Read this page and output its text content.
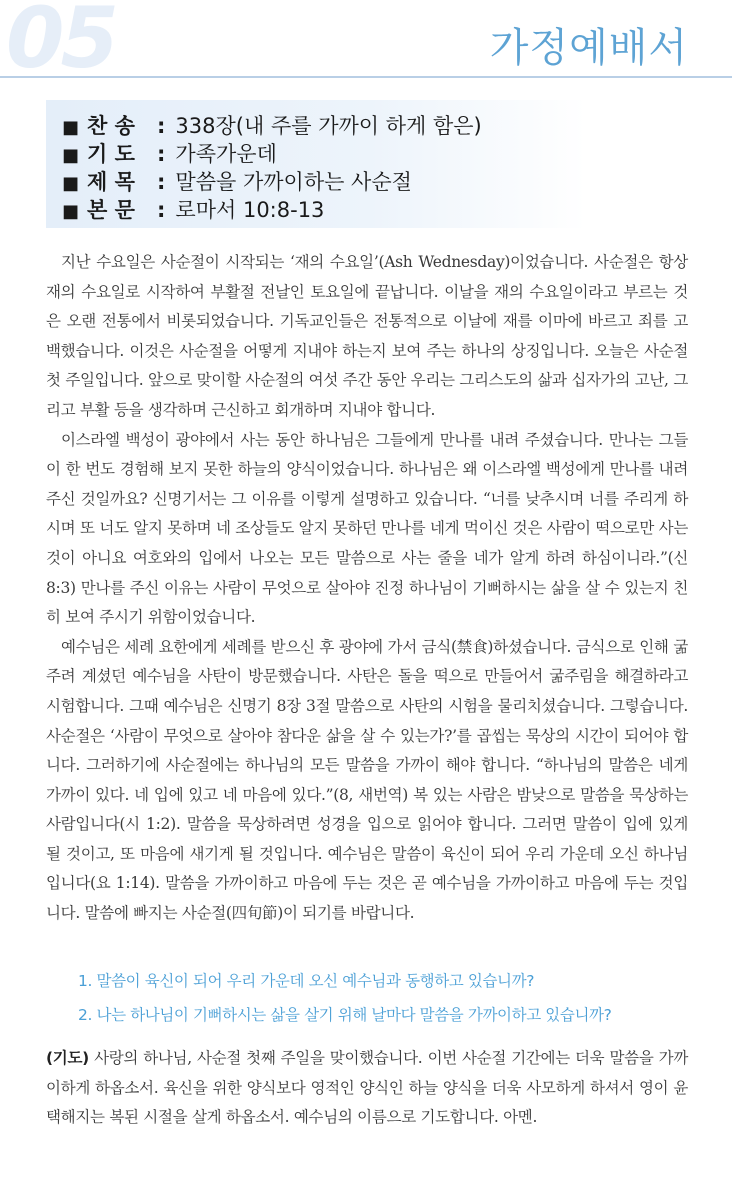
05	가정예배서
■ 찬 송 : 338장(내 주를 가까이 하게 함은)
■ 기 도 : 가족가운데
■ 제 목 : 말씀을 가까이하는 사순절
■ 본 문 : 로마서 10:8-13

지난 수요일은 사순절이 시작되는 ‘재의 수요일’(Ash Wednesday)이었습니다. 사순절은 항상 재의 수요일로 시작하여 부활절 전날인 토요일에 끝납니다. 이날을 재의 수요일이라고 부르는 것은 오랜 전통에서 비롯되었습니다. 기독교인들은 전통적으로 이날에 재를 이마에 바르고 죄를 고백했습니다. 이것은 사순절을 어떻게 지내야 하는지 보여 주는 하나의 상징입니다. 오늘은 사순절 첫 주일입니다. 앞으로 맞이할 사순절의 여섯 주간 동안 우리는 그리스도의 삶과 십자가의 고난, 그리고 부활 등을 생각하며 근신하고 회개하며 지내야 합니다.

이스라엘 백성이 광야에서 사는 동안 하나님은 그들에게 만나를 내려 주셨습니다. 만나는 그들이 한 번도 경험해 보지 못한 하늘의 양식이었습니다. 하나님은 왜 이스라엘 백성에게 만나를 내려 주신 것일까요? 신명기서는 그 이유를 이렇게 설명하고 있습니다. “너를 낮추시며 너를 주리게 하시며 또 너도 알지 못하며 네 조상들도 알지 못하던 만나를 네게 먹이신 것은 사람이 떡으로만 사는 것이 아니요 여호와의 입에서 나오는 모든 말씀으로 사는 줄을 네가 알게 하려 하심이니라.”(신 8:3) 만나를 주신 이유는 사람이 무엇으로 살아야 진정 하나님이 기뻐하시는 삶을 살 수 있는지 친히 보여 주시기 위함이었습니다.

예수님은 세례 요한에게 세례를 받으신 후 광야에 가서 금식(禁食)하셨습니다. 금식으로 인해 굶주려 계셨던 예수님을 사탄이 방문했습니다. 사탄은 돌을 떡으로 만들어서 굶주림을 해결하라고 시험합니다. 그때 예수님은 신명기 8장 3절 말씀으로 사탄의 시험을 물리치셨습니다. 그렇습니다. 사순절은 ‘사람이 무엇으로 살아야 참다운 삶을 살 수 있는가?’를 곱씹는 묵상의 시간이 되어야 합니다. 그러하기에 사순절에는 하나님의 모든 말씀을 가까이 해야 합니다. “하나님의 말씀은 네게 가까이 있다. 네 입에 있고 네 마음에 있다.”(8, 새번역) 복 있는 사람은 밤낮으로 말씀을 묵상하는 사람입니다(시 1:2). 말씀을 묵상하려면 성경을 입으로 읽어야 합니다. 그러면 말씀이 입에 있게 될 것이고, 또 마음에 새기게 될 것입니다. 예수님은 말씀이 육신이 되어 우리 가운데 오신 하나님입니다(요 1:14). 말씀을 가까이하고 마음에 두는 것은 곧 예수님을 가까이하고 마음에 두는 것입니다. 말씀에 빠지는 사순절(四旬節)이 되기를 바랍니다.

1. 말씀이 육신이 되어 우리 가운데 오신 예수님과 동행하고 있습니까?
2. 나는 하나님이 기뻐하시는 삶을 살기 위해 날마다 말씀을 가까이하고 있습니까?
(기도) 사랑의 하나님, 사순절 첫째 주일을 맞이했습니다. 이번 사순절 기간에는 더욱 말씀을 가까이하게 하옵소서. 육신을 위한 양식보다 영적인 양식인 하늘 양식을 더욱 사모하게 하셔서 영이 윤택해지는 복된 시절을 살게 하옵소서. 예수님의 이름으로 기도합니다. 아멘.
